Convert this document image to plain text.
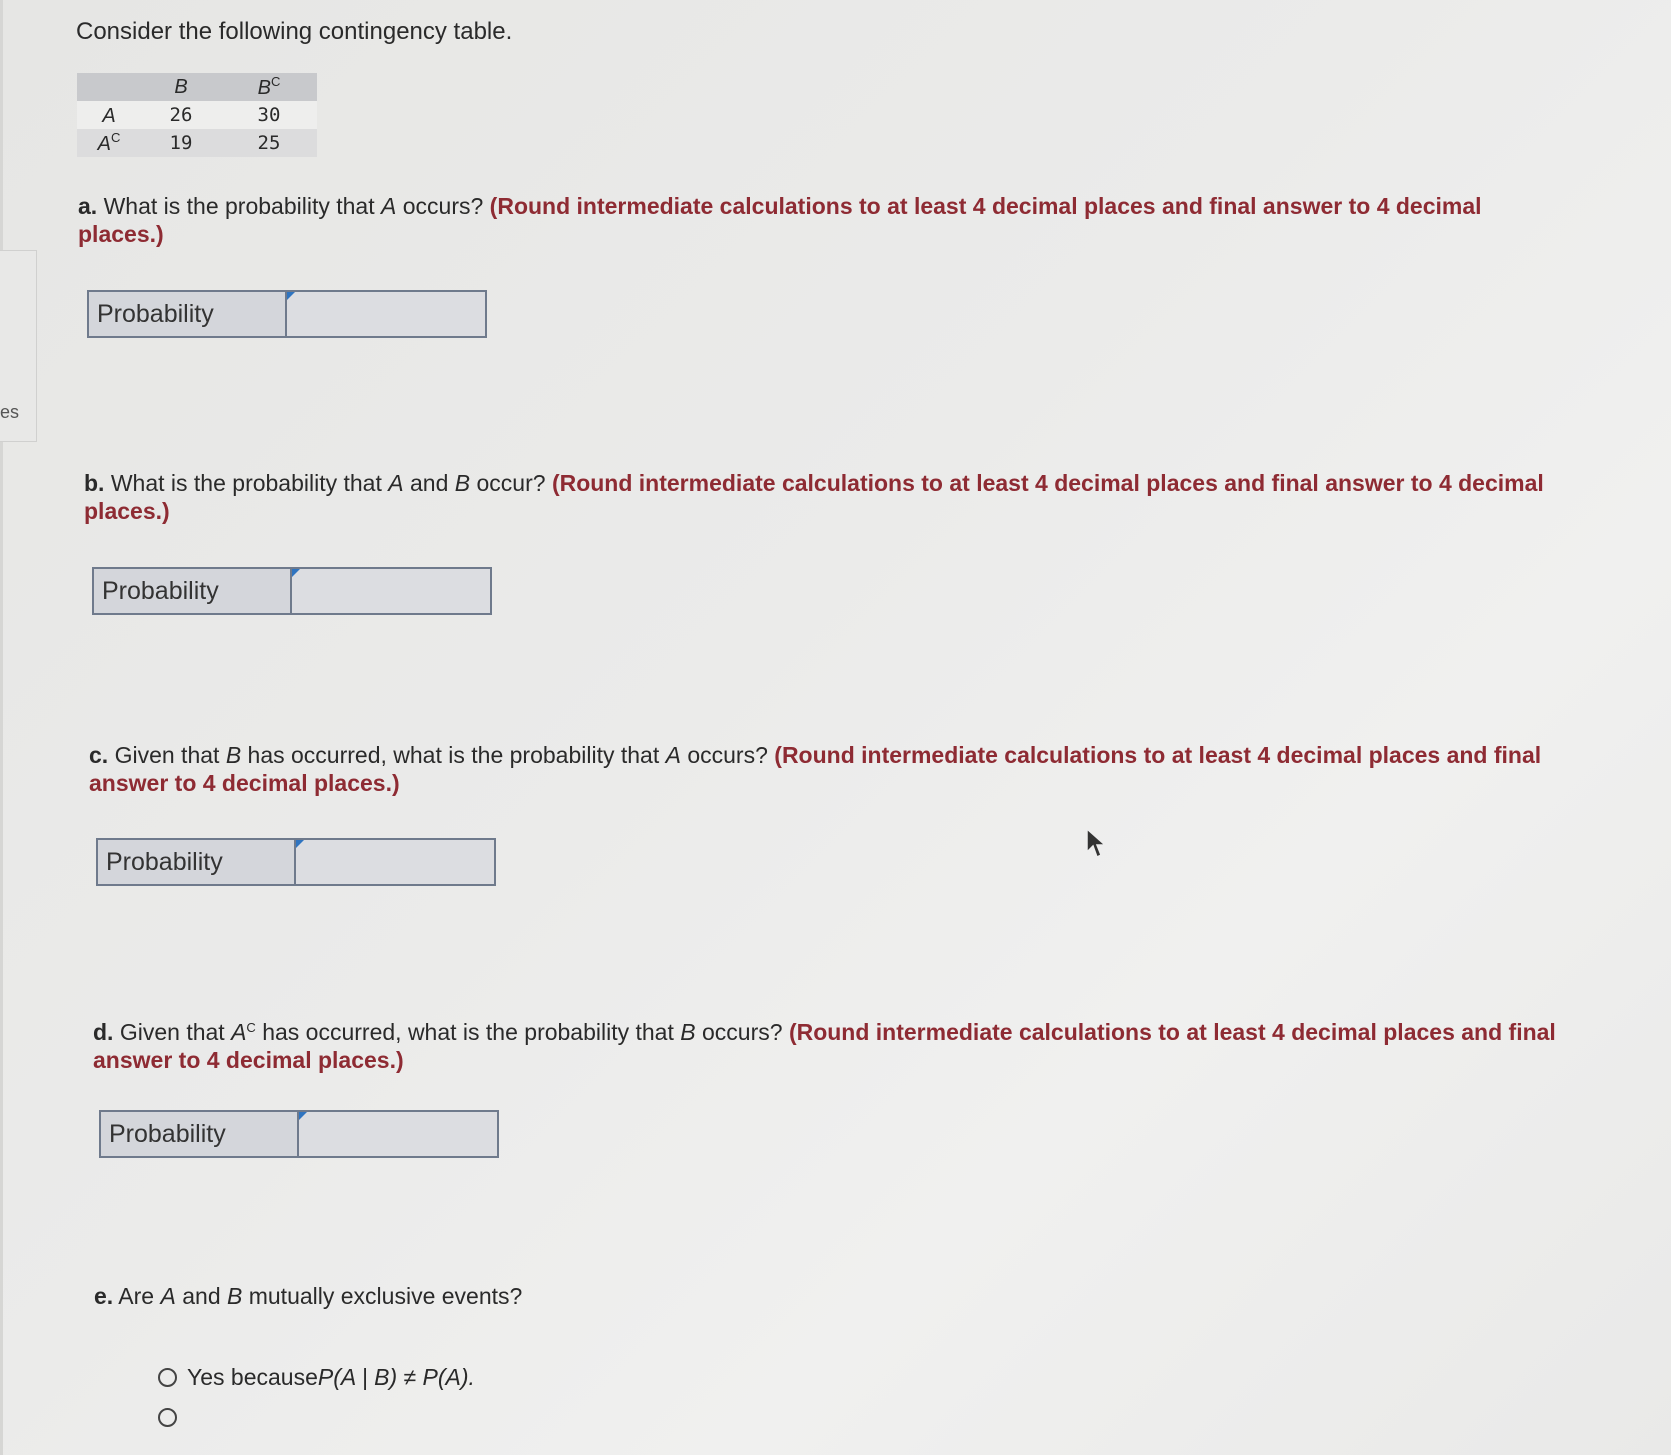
es
Consider the following contingency table.
	B	$B^C$
A	26	30
$A^C$	19	25
a. What is the probability that A occurs? (Round intermediate calculations to at least 4 decimal places and final answer to 4 decimal places.)
Probability
b. What is the probability that A and B occur? (Round intermediate calculations to at least 4 decimal places and final answer to 4 decimal places.)
Probability
c. Given that B has occurred, what is the probability that A occurs? (Round intermediate calculations to at least 4 decimal places and final answer to 4 decimal places.)
Probability
d. Given that $A^C$ has occurred, what is the probability that B occurs? (Round intermediate calculations to at least 4 decimal places and final answer to 4 decimal places.)
Probability
e. Are A and B mutually exclusive events?
Yes because P(A | B) ≠ P(A).
